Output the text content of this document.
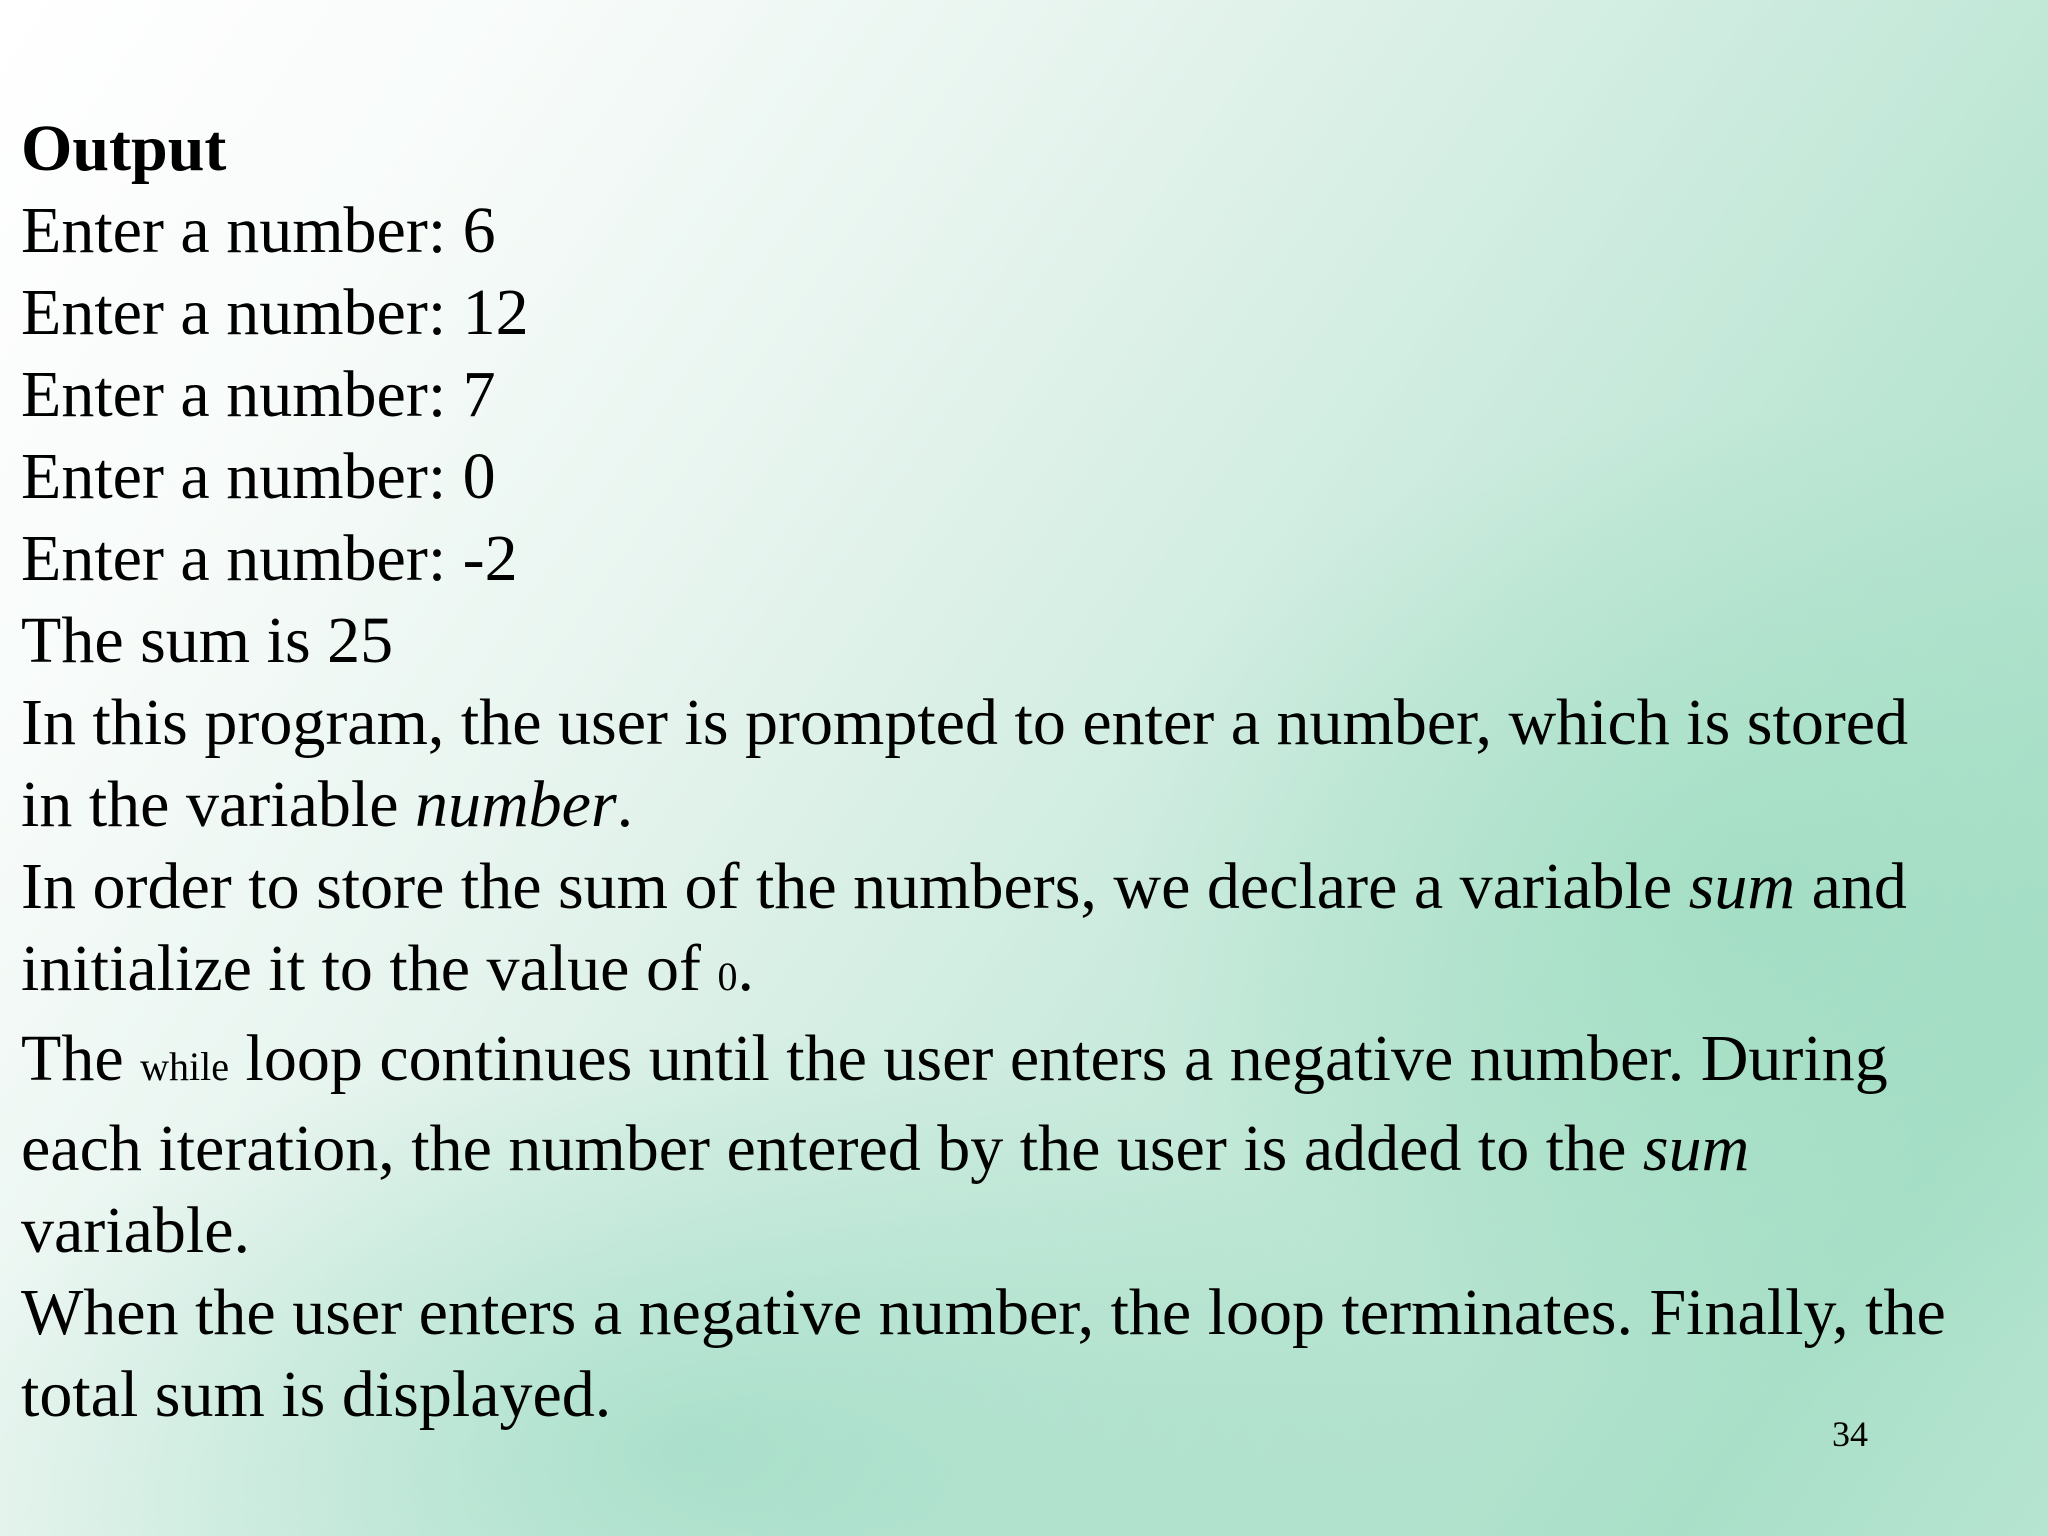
Output
Enter a number: 6
Enter a number: 12
Enter a number: 7
Enter a number: 0
Enter a number: -2
The sum is 25
In this program, the user is prompted to enter a number, which is stored
in the variable number.
In order to store the sum of the numbers, we declare a variable sum and
initialize it to the value of 0.
The while loop continues until the user enters a negative number. During
each iteration, the number entered by the user is added to the sum
variable.
When the user enters a negative number, the loop terminates. Finally, the
total sum is displayed.
34
